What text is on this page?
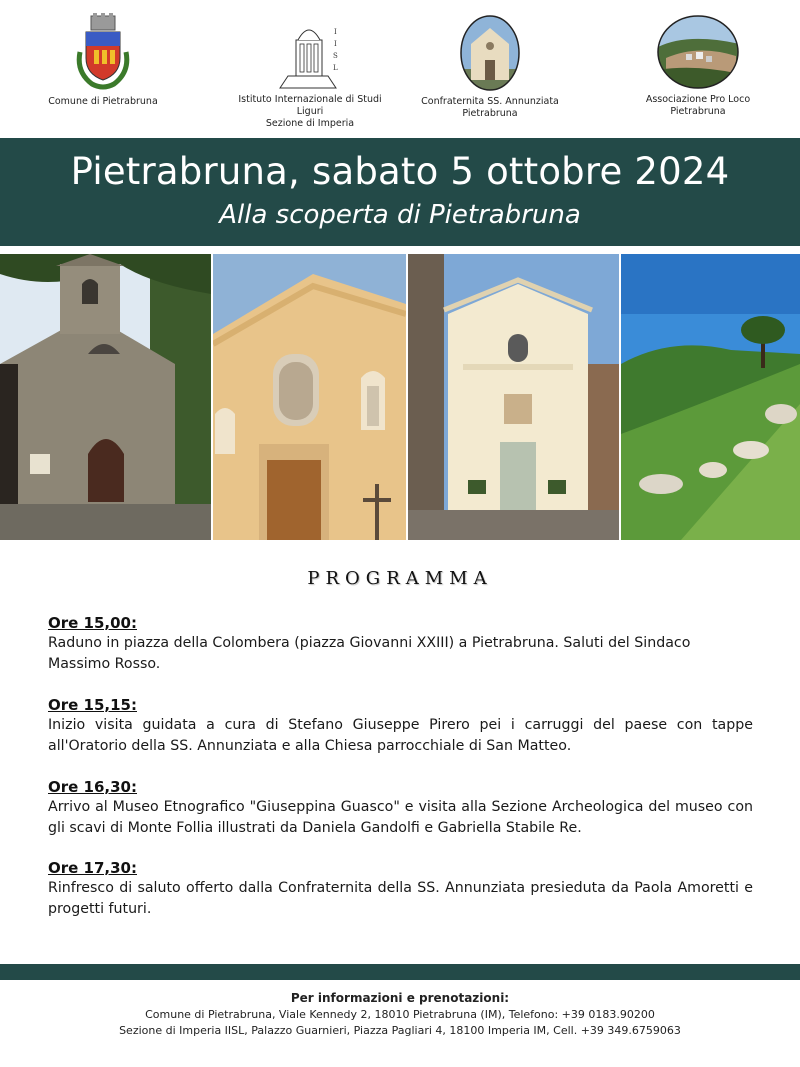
Comune di Pietrabruna
I
I
S
L
Istituto Internazionale di Studi Liguri
Sezione di Imperia
Confraternita SS. Annunziata
Pietrabruna
Associazione Pro Loco
Pietrabruna
Pietrabruna, sabato 5 ottobre 2024
Alla scoperta di Pietrabruna
PROGRAMMA
Ore 15,00:
Raduno in piazza della Colombera (piazza Giovanni XXIII) a Pietrabruna. Saluti del Sindaco Massimo Rosso.
Ore 15,15:
Inizio visita guidata a cura di Stefano Giuseppe Pirero pei i carruggi del paese con tappe all'Oratorio della SS. Annunziata e alla Chiesa parrocchiale di San Matteo.
Ore 16,30:
Arrivo al Museo Etnografico "Giuseppina Guasco" e visita alla Sezione Archeologica del museo con gli scavi di Monte Follia illustrati da Daniela Gandolfi e Gabriella Stabile Re.
Ore 17,30:
Rinfresco di saluto offerto dalla Confraternita della SS. Annunziata presieduta da Paola Amoretti e progetti futuri.
Per informazioni e prenotazioni:
Comune di Pietrabruna, Viale Kennedy 2, 18010 Pietrabruna (IM), Telefono: +39 0183.90200
Sezione di Imperia IISL, Palazzo Guarnieri, Piazza Pagliari 4, 18100 Imperia IM, Cell. +39 349.6759063
